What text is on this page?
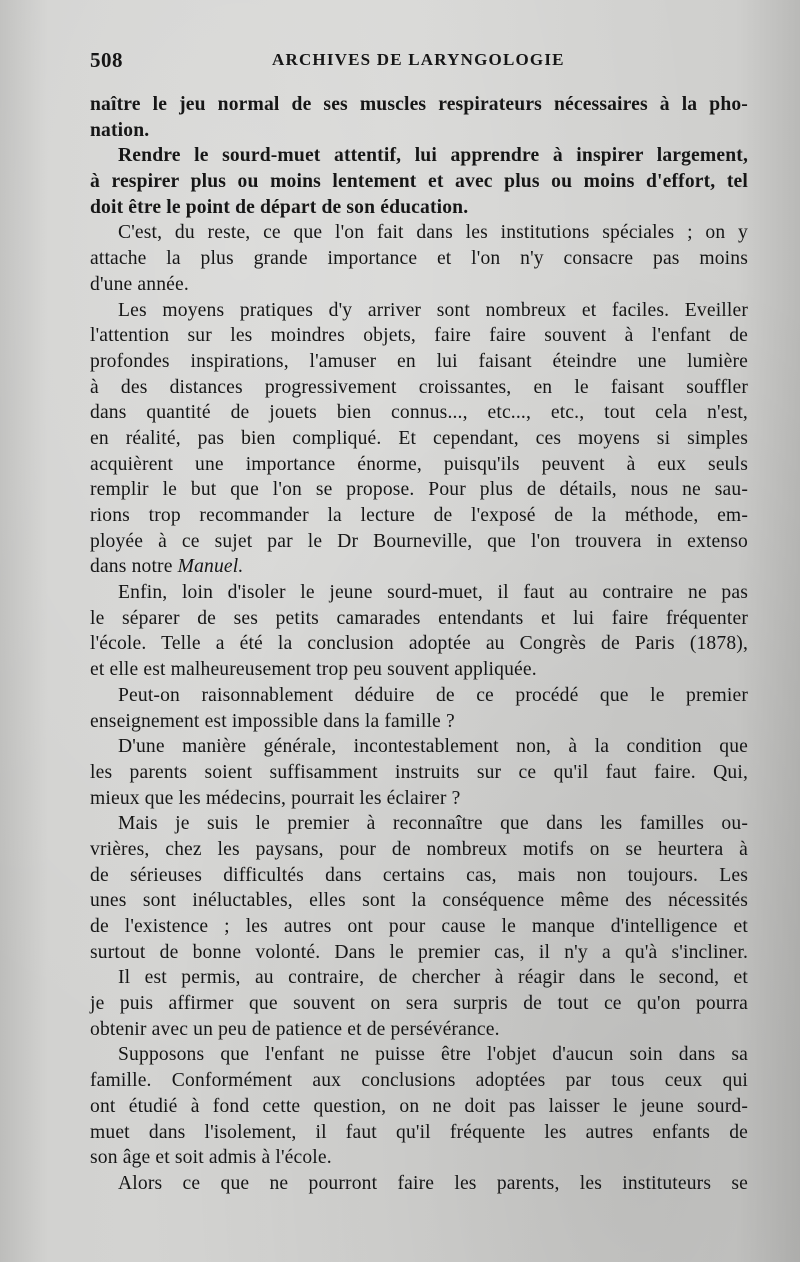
508	ARCHIVES DE LARYNGOLOGIE
naître le jeu normal de ses muscles respirateurs nécessaires à la pho-
nation.
Rendre le sourd-muet attentif, lui apprendre à inspirer largement,
à respirer plus ou moins lentement et avec plus ou moins d'effort, tel
doit être le point de départ de son éducation.
C'est, du reste, ce que l'on fait dans les institutions spéciales ; on y
attache la plus grande importance et l'on n'y consacre pas moins
d'une année.
Les moyens pratiques d'y arriver sont nombreux et faciles. Eveiller
l'attention sur les moindres objets, faire faire souvent à l'enfant de
profondes inspirations, l'amuser en lui faisant éteindre une lumière
à des distances progressivement croissantes, en le faisant souffler
dans quantité de jouets bien connus..., etc..., etc., tout cela n'est,
en réalité, pas bien compliqué. Et cependant, ces moyens si simples
acquièrent une importance énorme, puisqu'ils peuvent à eux seuls
remplir le but que l'on se propose. Pour plus de détails, nous ne sau-
rions trop recommander la lecture de l'exposé de la méthode, em-
ployée à ce sujet par le Dr Bourneville, que l'on trouvera in extenso
dans notre Manuel.
Enfin, loin d'isoler le jeune sourd-muet, il faut au contraire ne pas
le séparer de ses petits camarades entendants et lui faire fréquenter
l'école. Telle a été la conclusion adoptée au Congrès de Paris (1878),
et elle est malheureusement trop peu souvent appliquée.
Peut-on raisonnablement déduire de ce procédé que le premier
enseignement est impossible dans la famille ?
D'une manière générale, incontestablement non, à la condition que
les parents soient suffisamment instruits sur ce qu'il faut faire. Qui,
mieux que les médecins, pourrait les éclairer ?
Mais je suis le premier à reconnaître que dans les familles ou-
vrières, chez les paysans, pour de nombreux motifs on se heurtera à
de sérieuses difficultés dans certains cas, mais non toujours. Les
unes sont inéluctables, elles sont la conséquence même des nécessités
de l'existence ; les autres ont pour cause le manque d'intelligence et
surtout de bonne volonté. Dans le premier cas, il n'y a qu'à s'incliner.
Il est permis, au contraire, de chercher à réagir dans le second, et
je puis affirmer que souvent on sera surpris de tout ce qu'on pourra
obtenir avec un peu de patience et de persévérance.
Supposons que l'enfant ne puisse être l'objet d'aucun soin dans sa
famille. Conformément aux conclusions adoptées par tous ceux qui
ont étudié à fond cette question, on ne doit pas laisser le jeune sourd-
muet dans l'isolement, il faut qu'il fréquente les autres enfants de
son âge et soit admis à l'école.
Alors ce que ne pourront faire les parents, les instituteurs se
